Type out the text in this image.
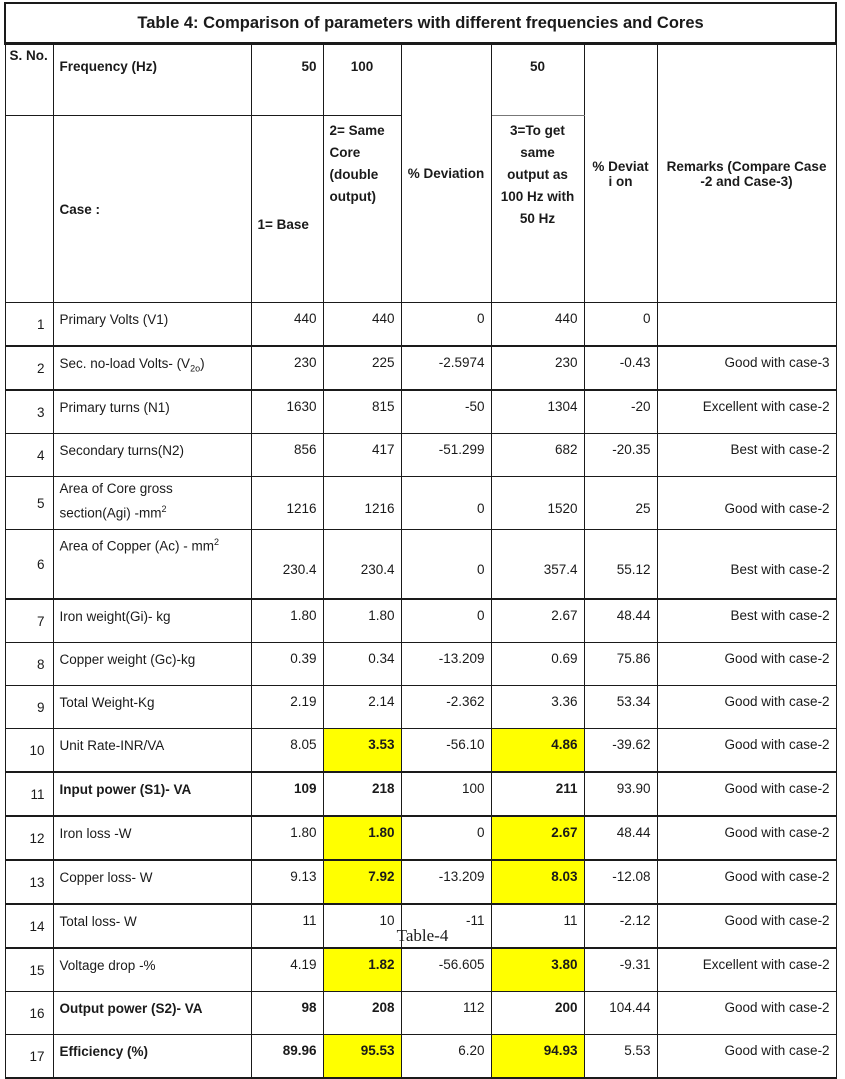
Table 4: Comparison of parameters with different frequencies and Cores							
S. No.	Frequency (Hz)	50	100	% Deviation	50	% Deviati on	Remarks (Compare Case -2 and Case-3)
	Case :	1= Base	2= Same Core (double output)		3=To get same output as 100 Hz with 50 Hz		
1	Primary Volts (V1)	440	440	0	440	0	
2	Sec. no-load Volts- $(V_{2o})$	230	225	-2.5974	230	-0.43	Good with case-3
3	Primary turns (N1)	1630	815	-50	1304	-20	Excellent with case-2
4	Secondary turns(N2)	856	417	-51.299	682	-20.35	Best with case-2
5	Area of Core gross section(Agi) $-mm^2$	1216	1216	0	1520	25	Good with case-2
6	Area of Copper $(Ac) - mm^2$	230.4	230.4	0	357.4	55.12	Best with case-2
7	Iron weight(Gi)- kg	1.80	1.80	0	2.67	48.44	Best with case-2
8	Copper weight (Gc)-kg	0.39	0.34	-13.209	0.69	75.86	Good with case-2
9	Total Weight-Kg	2.19	2.14	-2.362	3.36	53.34	Good with case-2
10	Unit Rate-INR/VA	8.05	3.53	-56.10	4.86	-39.62	Good with case-2
11	Input power (S1)- VA	109	218	100	211	93.90	Good with case-2
12	Iron loss -W	1.80	1.80	0	2.67	48.44	Good with case-2
13	Copper loss- W	9.13	7.92	-13.209	8.03	-12.08	Good with case-2
14	Total loss- W	11	10	-11	11	-2.12	Good with case-2
15	Voltage drop -%	4.19	1.82	-56.605	3.80	-9.31	Excellent with case-2
16	Output power (S2)- VA	98	208	112	200	104.44	Good with case-2
17	Efficiency (%)	89.96	95.53	6.20	94.93	5.53	Good with case-2
Table-4
